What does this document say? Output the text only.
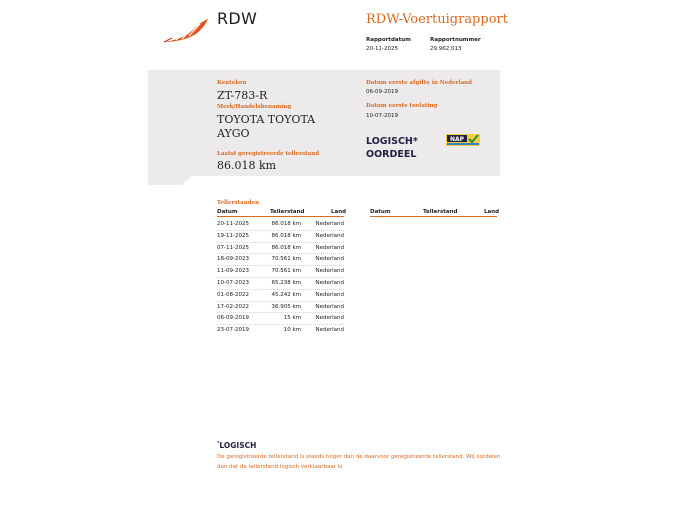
RDW	RDW-Voertuigrapport
Rapportdatum
20-11-2025
Rapportnummer
29.962.013
Kenteken
ZT-783-R
Merk/Handelsbenaming
TOYOTA TOYOTA
AYGO
Laatst geregistreerde tellerstand
86.018 km
Datum eerste afgifte in Nederland
06-09-2019
Datum eerste toelating
10-07-2019
LOGISCH*
OORDEEL
NAP
Tellerstanden
Datum	Tellerstand	Land	Datum	Tellerstand	Land
20-11-2025	86.018 km	Nederland
19-11-2025	86.018 km	Nederland
07-11-2025	86.018 km	Nederland
18-09-2023	70.561 km	Nederland
11-09-2023	70.561 km	Nederland
10-07-2023	65.238 km	Nederland
01-08-2022	45.242 km	Nederland
17-02-2022	36.905 km	Nederland
06-09-2019	15 km	Nederland
23-07-2019	10 km	Nederland
*LOGISCH
De geregistreerde tellerstand is steeds hoger dan de daarvoor geregistreerde tellerstand. Wij oordelen dan dat de tellerstand logisch verklaarbaar is.
